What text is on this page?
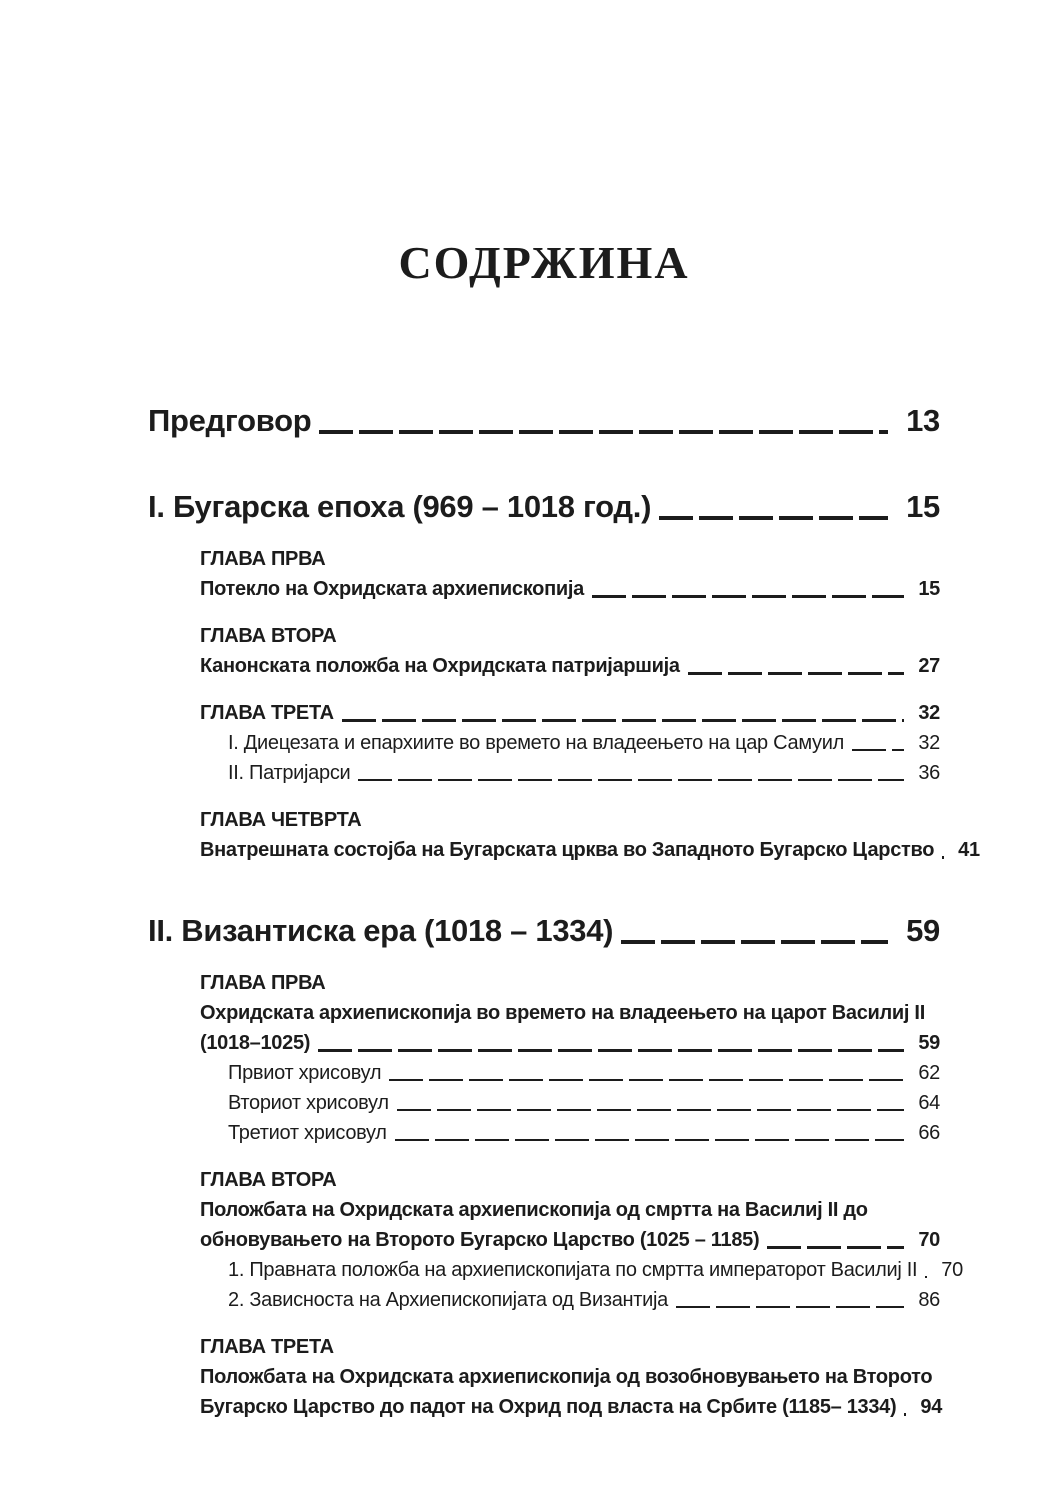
СОДРЖИНА
Предговор	13
I. Бугарска епоха (969 – 1018 год.)	15
ГЛАВА ПРВА
Потекло на Охридската архиепископија	15
ГЛАВА ВТОРА
Канонската положба на Охридската патријаршија	27
ГЛАВА ТРЕТА	32
I. Диецезата и епархиите во времето на владеењето на цар Самуил	32
II. Патријарси	36
ГЛАВА ЧЕТВРТА
Внатрешната состојба на Бугарската црква во Западното Бугарско Царство 41
II. Византиска ера (1018 – 1334)	59
ГЛАВА ПРВА
Охридската архиепископија во времето на владеењето на царот Василиј II
(1018–1025)	59
Првиот хрисовул	62
Вториот хрисовул	64
Третиот хрисовул	66
ГЛАВА ВТОРА
Положбата на Охридската архиепископија од смртта на Василиј II до
обновувањето на Второто Бугарско Царство (1025 – 1185)	70
1. Правната положба на архиепископијата по смртта императорот Василиј II 70
2. Зависноста на Архиепископијата од Византија	86
ГЛАВА ТРЕТА
Положбата на Охридската архиепископија од возобновувањето на Второто
Бугарско Царство до падот на Охрид под власта на Србите (1185– 1334) 94
